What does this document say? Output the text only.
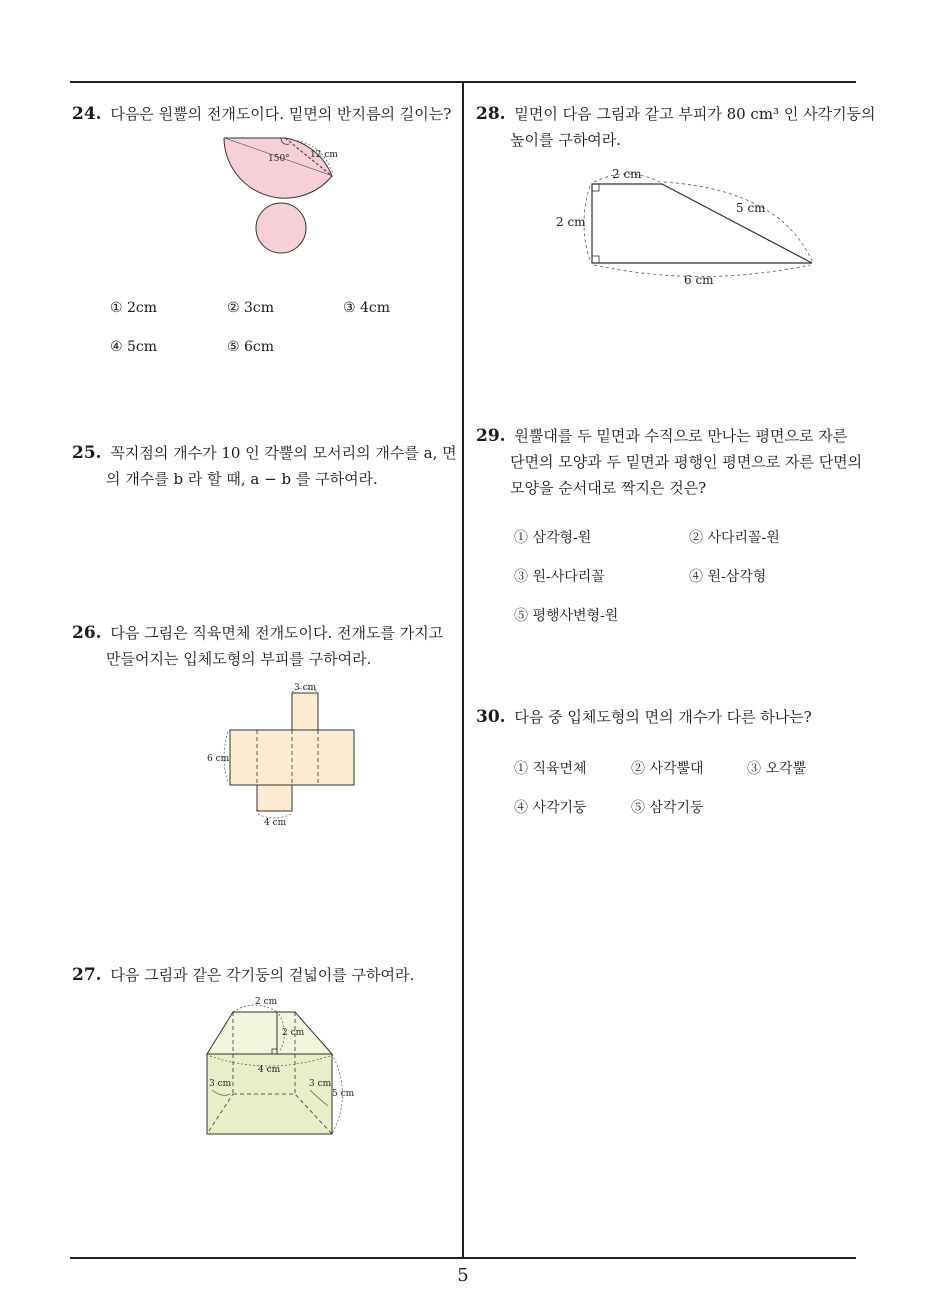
24. 다음은 원뿔의 전개도이다. 밑면의 반지름의 길이는?
150° 12 cm
① 2cm	② 3cm	③ 4cm
④ 5cm	⑤ 6cm
25. 꼭지점의 개수가 10 인 각뿔의 모서리의 개수를 a, 면
의 개수를 b 라 할 때, a − b 를 구하여라.
26. 다음 그림은 직육면체 전개도이다. 전개도를 가지고
만들어지는 입체도형의 부피를 구하여라.
3 cm
6 cm
4 cm
27. 다음 그림과 같은 각기둥의 겉넓이를 구하여라.
2 cm
2 cm
4 cm
3 cm	3 cm
5 cm
28. 밑면이 다음 그림과 같고 부피가 80 cm³ 인 사각기둥의
높이를 구하여라.
2 cm
2 cm
5 cm
6 cm
29. 원뿔대를 두 밑면과 수직으로 만나는 평면으로 자른
단면의 모양과 두 밑면과 평행인 평면으로 자른 단면의
모양을 순서대로 짝지은 것은?
① 삼각형-원	② 사다리꼴-원
③ 원-사다리꼴	④ 원-삼각형
⑤ 평행사변형-원
30. 다음 중 입체도형의 면의 개수가 다른 하나는?
① 직육면체	② 사각뿔대	③ 오각뿔
④ 사각기둥	⑤ 삼각기둥
5
